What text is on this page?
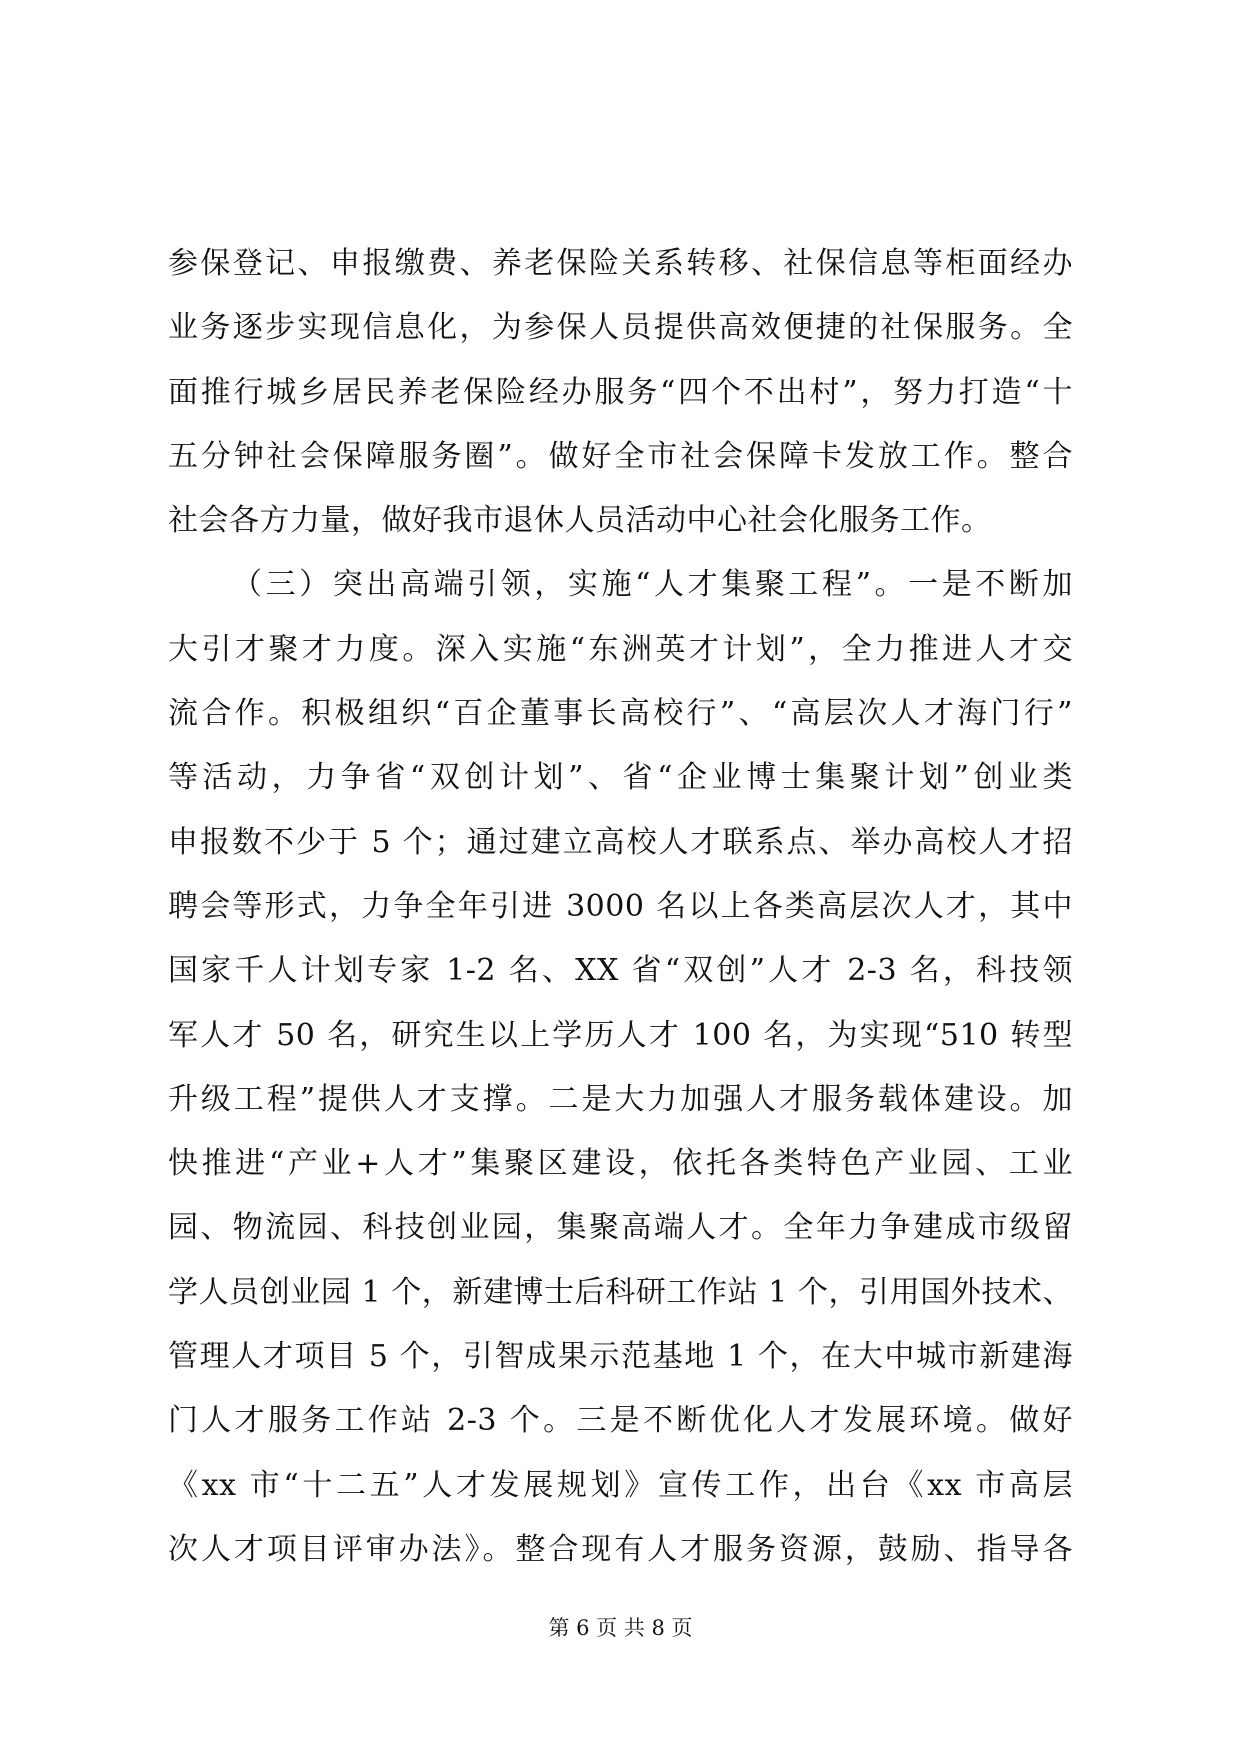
参保登记、申报缴费、养老保险关系转移、社保信息等柜面经办
业务逐步实现信息化，为参保人员提供高效便捷的社保服务。全
面推行城乡居民养老保险经办服务“四个不出村”，努力打造“十
五分钟社会保障服务圈”。做好全市社会保障卡发放工作。整合
社会各方力量，做好我市退休人员活动中心社会化服务工作。
（三）突出高端引领，实施“人才集聚工程”。一是不断加
大引才聚才力度。深入实施“东洲英才计划”，全力推进人才交
流合作。积极组织“百企董事长高校行”、“高层次人才海门行”
等活动，力争省“双创计划”、省“企业博士集聚计划”创业类
申报数不少于 5 个；通过建立高校人才联系点、举办高校人才招
聘会等形式，力争全年引进 3000 名以上各类高层次人才，其中
国家千人计划专家 1-2 名、XX 省“双创”人才 2-3 名，科技领
军人才 50 名，研究生以上学历人才 100 名，为实现“510 转型
升级工程”提供人才支撑。二是大力加强人才服务载体建设。加
快推进“产业+人才”集聚区建设，依托各类特色产业园、工业
园、物流园、科技创业园，集聚高端人才。全年力争建成市级留
学人员创业园 1 个，新建博士后科研工作站 1 个，引用国外技术、
管理人才项目 5 个，引智成果示范基地 1 个，在大中城市新建海
门人才服务工作站 2-3 个。三是不断优化人才发展环境。做好
《xx 市“十二五”人才发展规划》宣传工作，出台《xx 市高层
次人才项目评审办法》。整合现有人才服务资源，鼓励、指导各
第 6 页 共 8 页
